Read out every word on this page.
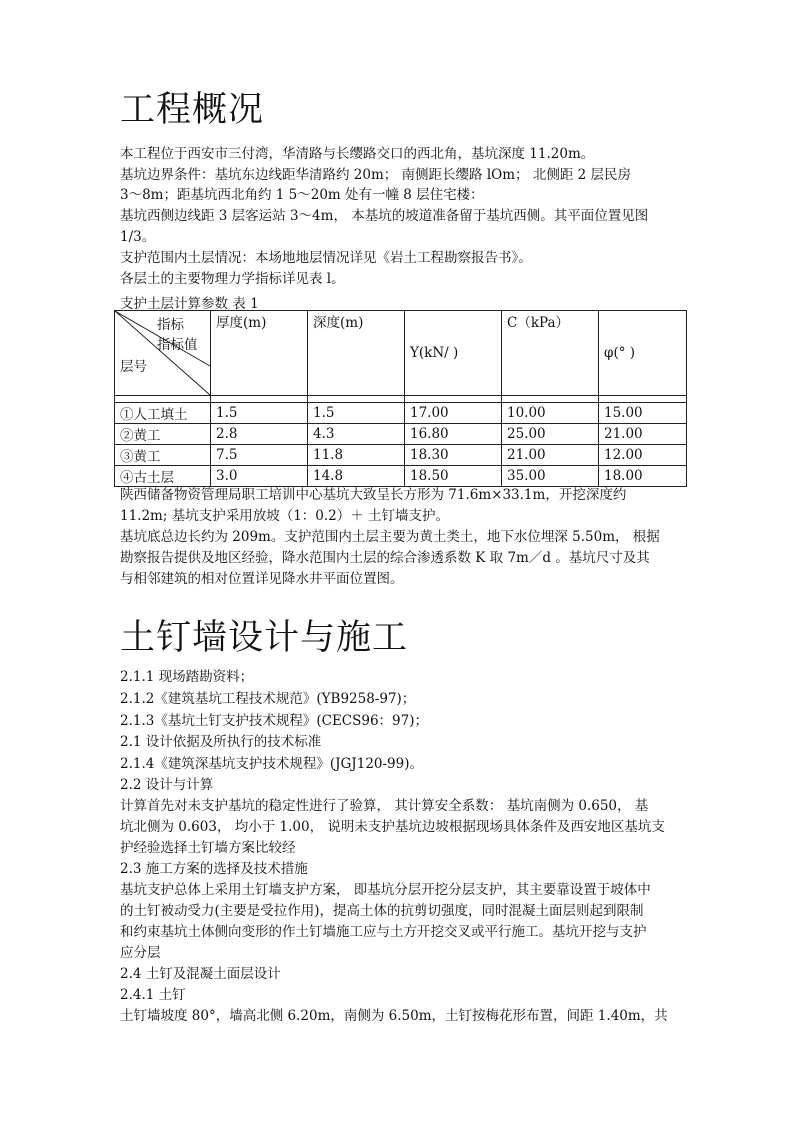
工程概况
本工程位于西安市三付湾，华清路与长缨路交口的西北角，基坑深度 11.20m。
基坑边界条件：基坑东边线距华清路约 20m； 南侧距长缨路 lOm； 北侧距 2 层民房
3～8m；距基坑西北角约 1 5～20m 处有一幢 8 层住宅楼：
基坑西侧边线距 3 层客运站 3～4m， 本基坑的坡道准备留于基坑西侧。其平面位置见图
1/3。
支护范围内土层情况：本场地地层情况详见《岩土工程勘察报告书》。
各层土的主要物理力学指标详见表 l。
支护土层计算参数 表 1
指标
指标值
层号	厚度(m)	深度(m)	Y(kN/ )	C（kPa）	φ(° )

①人工填土	1.5	1.5	17.00	10.00	15.00
②黄工	2.8	4.3	16.80	25.00	21.00
③黄工	7.5	11.8	18.30	21.00	12.00
④古土层	3.0	14.8	18.50	35.00	18.00
陕西储备物资管理局职工培训中心基坑大致呈长方形为 71.6m×33.1m，开挖深度约
11.2m; 基坑支护采用放坡（1：0.2）＋ 土钉墙支护。
基坑底总边长约为 209m。支护范围内土层主要为黄土类土，地下水位埋深 5.50m， 根据
勘察报告提供及地区经验，降水范围内土层的综合渗透系数 K 取 7m／d 。基坑尺寸及其
与相邻建筑的相对位置详见降水井平面位置图。
土钉墙设计与施工
2.1.1 现场踏勘资料；
2.1.2《建筑基坑工程技术规范》(YB9258-97)；
2.1.3《基坑土钉支护技术规程》(CECS96：97)；
2.1 设计依据及所执行的技术标准
2.1.4《建筑深基坑支护技术规程》(JGJ120-99)。
2.2 设计与计算
计算首先对未支护基坑的稳定性进行了验算， 其计算安全系数： 基坑南侧为 0.650， 基
坑北侧为 0.603， 均小于 1.00， 说明未支护基坑边坡根据现场具体条件及西安地区基坑支
护经验选择土钉墙方案比较经
2.3 施工方案的选择及技术措施
基坑支护总体上采用土钉墙支护方案， 即基坑分层开挖分层支护，其主要靠设置于坡体中
的土钉被动受力(主要是受拉作用)，提高土体的抗剪切强度，同时混凝土面层则起到限制
和约束基坑土体侧向变形的作土钉墙施工应与土方开挖交叉或平行施工。基坑开挖与支护
应分层
2.4 土钉及混凝土面层设计
2.4.1 土钉
土钉墙坡度 80°，墙高北侧 6.20m，南侧为 6.50m，土钉按梅花形布置，间距 1.40m，共
